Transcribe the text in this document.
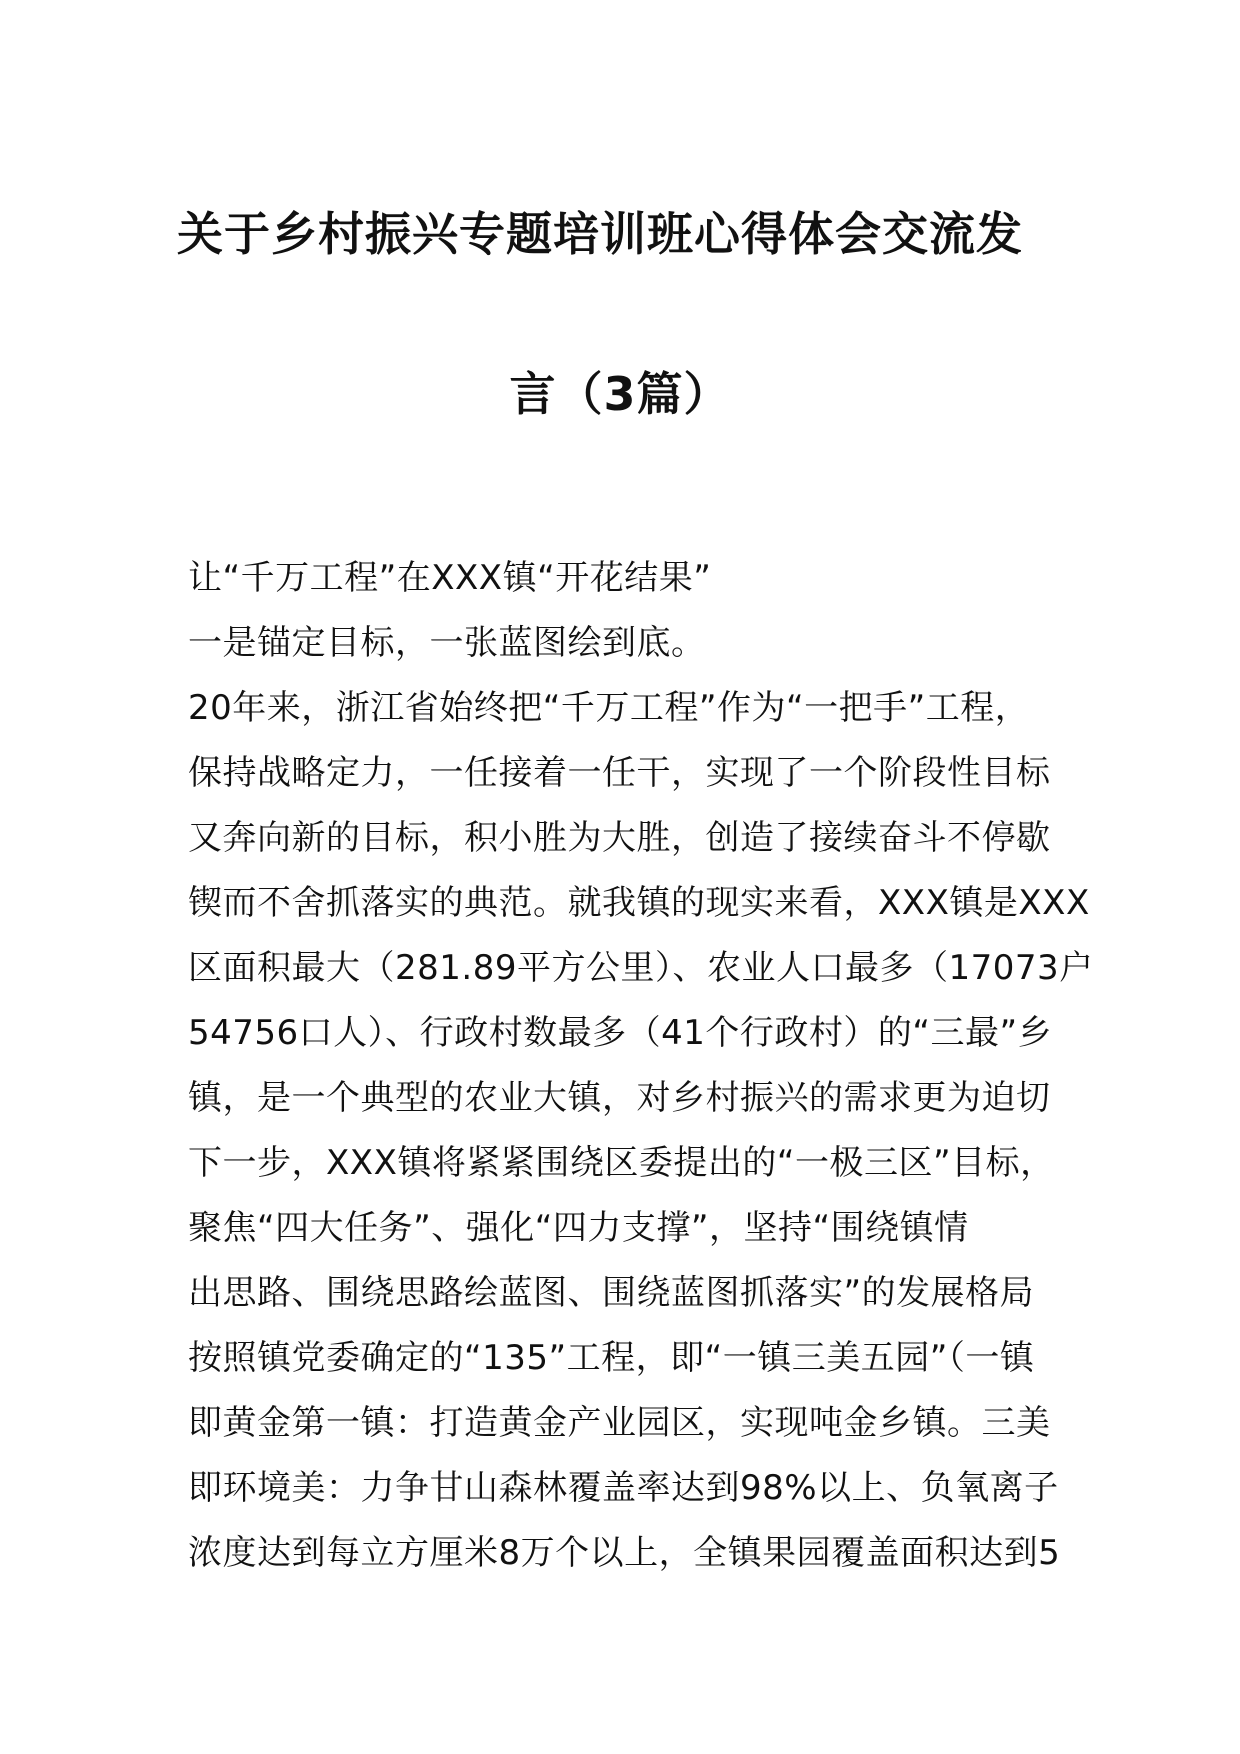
关于乡村振兴专题培训班心得体会交流发
言（3篇）
让“千万工程”在XXX镇“开花结果”
一是锚定目标，一张蓝图绘到底。
20年来，浙江省始终把“千万工程”作为“一把手”工程，
保持战略定力，一任接着一任干，实现了一个阶段性目标
又奔向新的目标，积小胜为大胜，创造了接续奋斗不停歇
锲而不舍抓落实的典范。就我镇的现实来看，XXX镇是XXX
区面积最大（281.89平方公里）、农业人口最多（17073户
54756口人）、行政村数最多（41个行政村）的“三最”乡
镇，是一个典型的农业大镇，对乡村振兴的需求更为迫切
下一步，XXX镇将紧紧围绕区委提出的“一极三区”目标，
聚焦“四大任务”、强化“四力支撑”，坚持“围绕镇情
出思路、围绕思路绘蓝图、围绕蓝图抓落实”的发展格局
按照镇党委确定的“135”工程，即“一镇三美五园”（一镇
即黄金第一镇：打造黄金产业园区，实现吨金乡镇。三美
即环境美：力争甘山森林覆盖率达到98%以上、负氧离子
浓度达到每立方厘米8万个以上，全镇果园覆盖面积达到5
